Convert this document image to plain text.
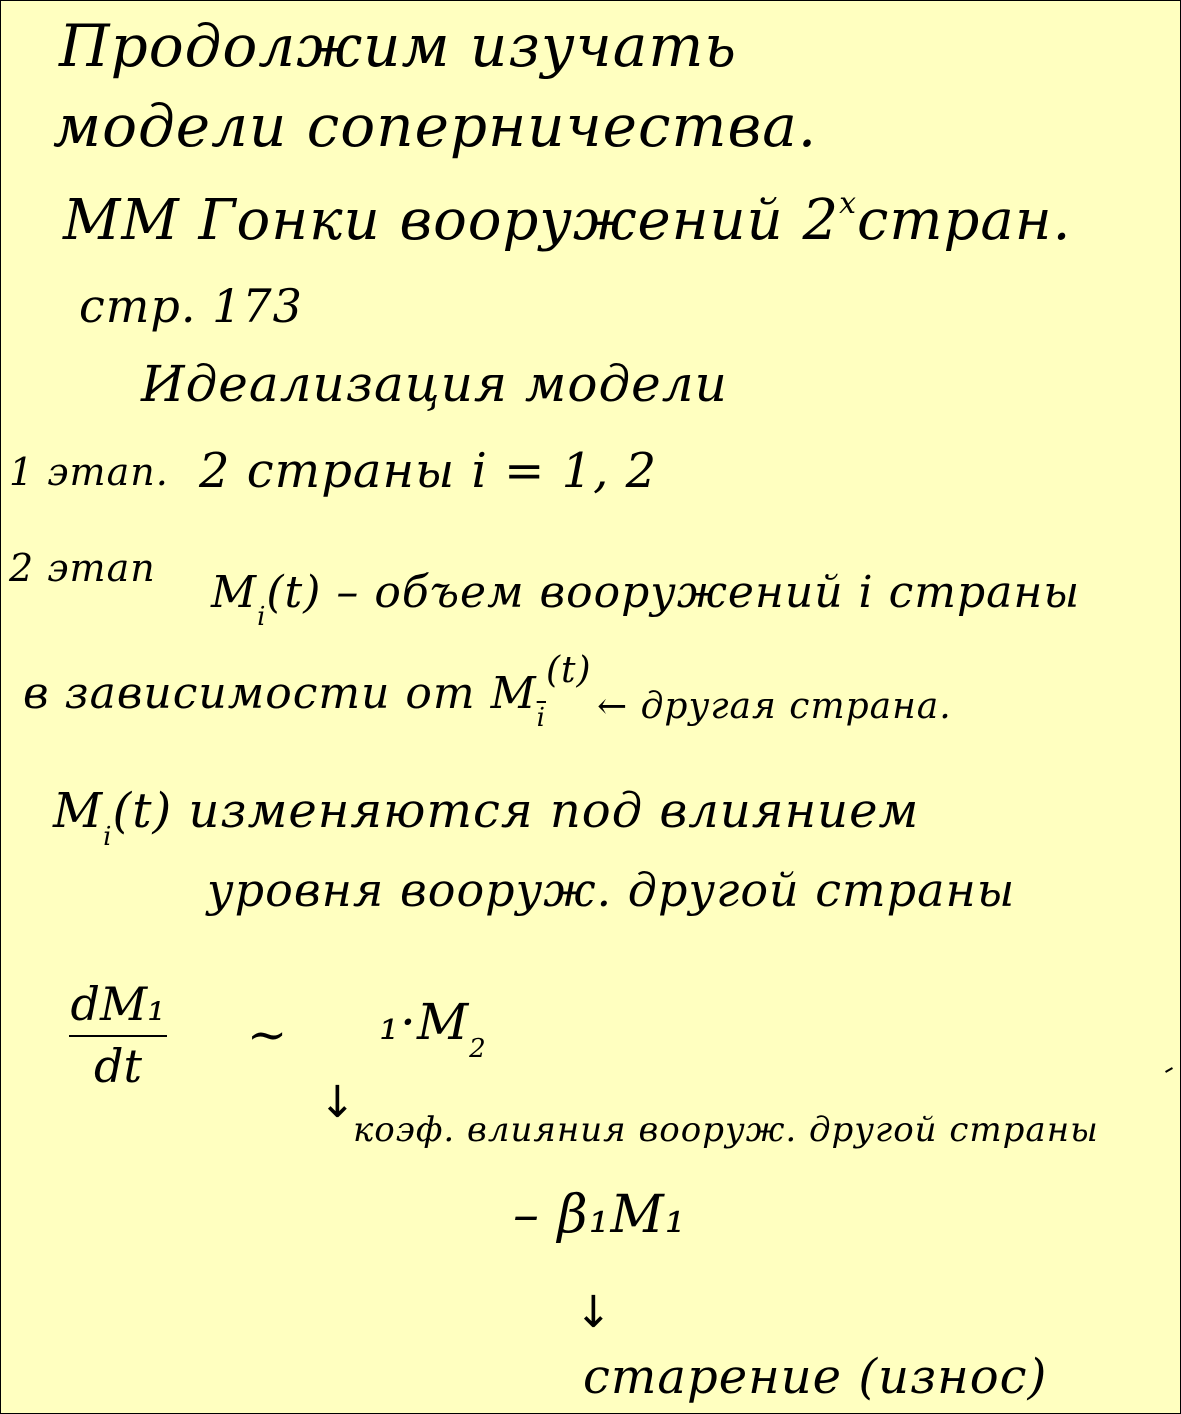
Продолжим изучать
модели соперничества.
ММ Гонки вооружений $2^хстран$.
стр. 173
Идеализация модели
1 этап. 2 страны i = 1, 2
2 этап $M_i(t)$ – объем вооружений i страны
в зависимости от $M_{\overline{i}}^{(t)}$
← другая страна.
$M_i(t)$ изменяются под влиянием
уровня вооруж. другой страны
dM₁
dt
~ $_1\cdot M_2$
↓
коэф. влияния вооруж. другой страны
– β₁M₁
↓
старение (износ)
